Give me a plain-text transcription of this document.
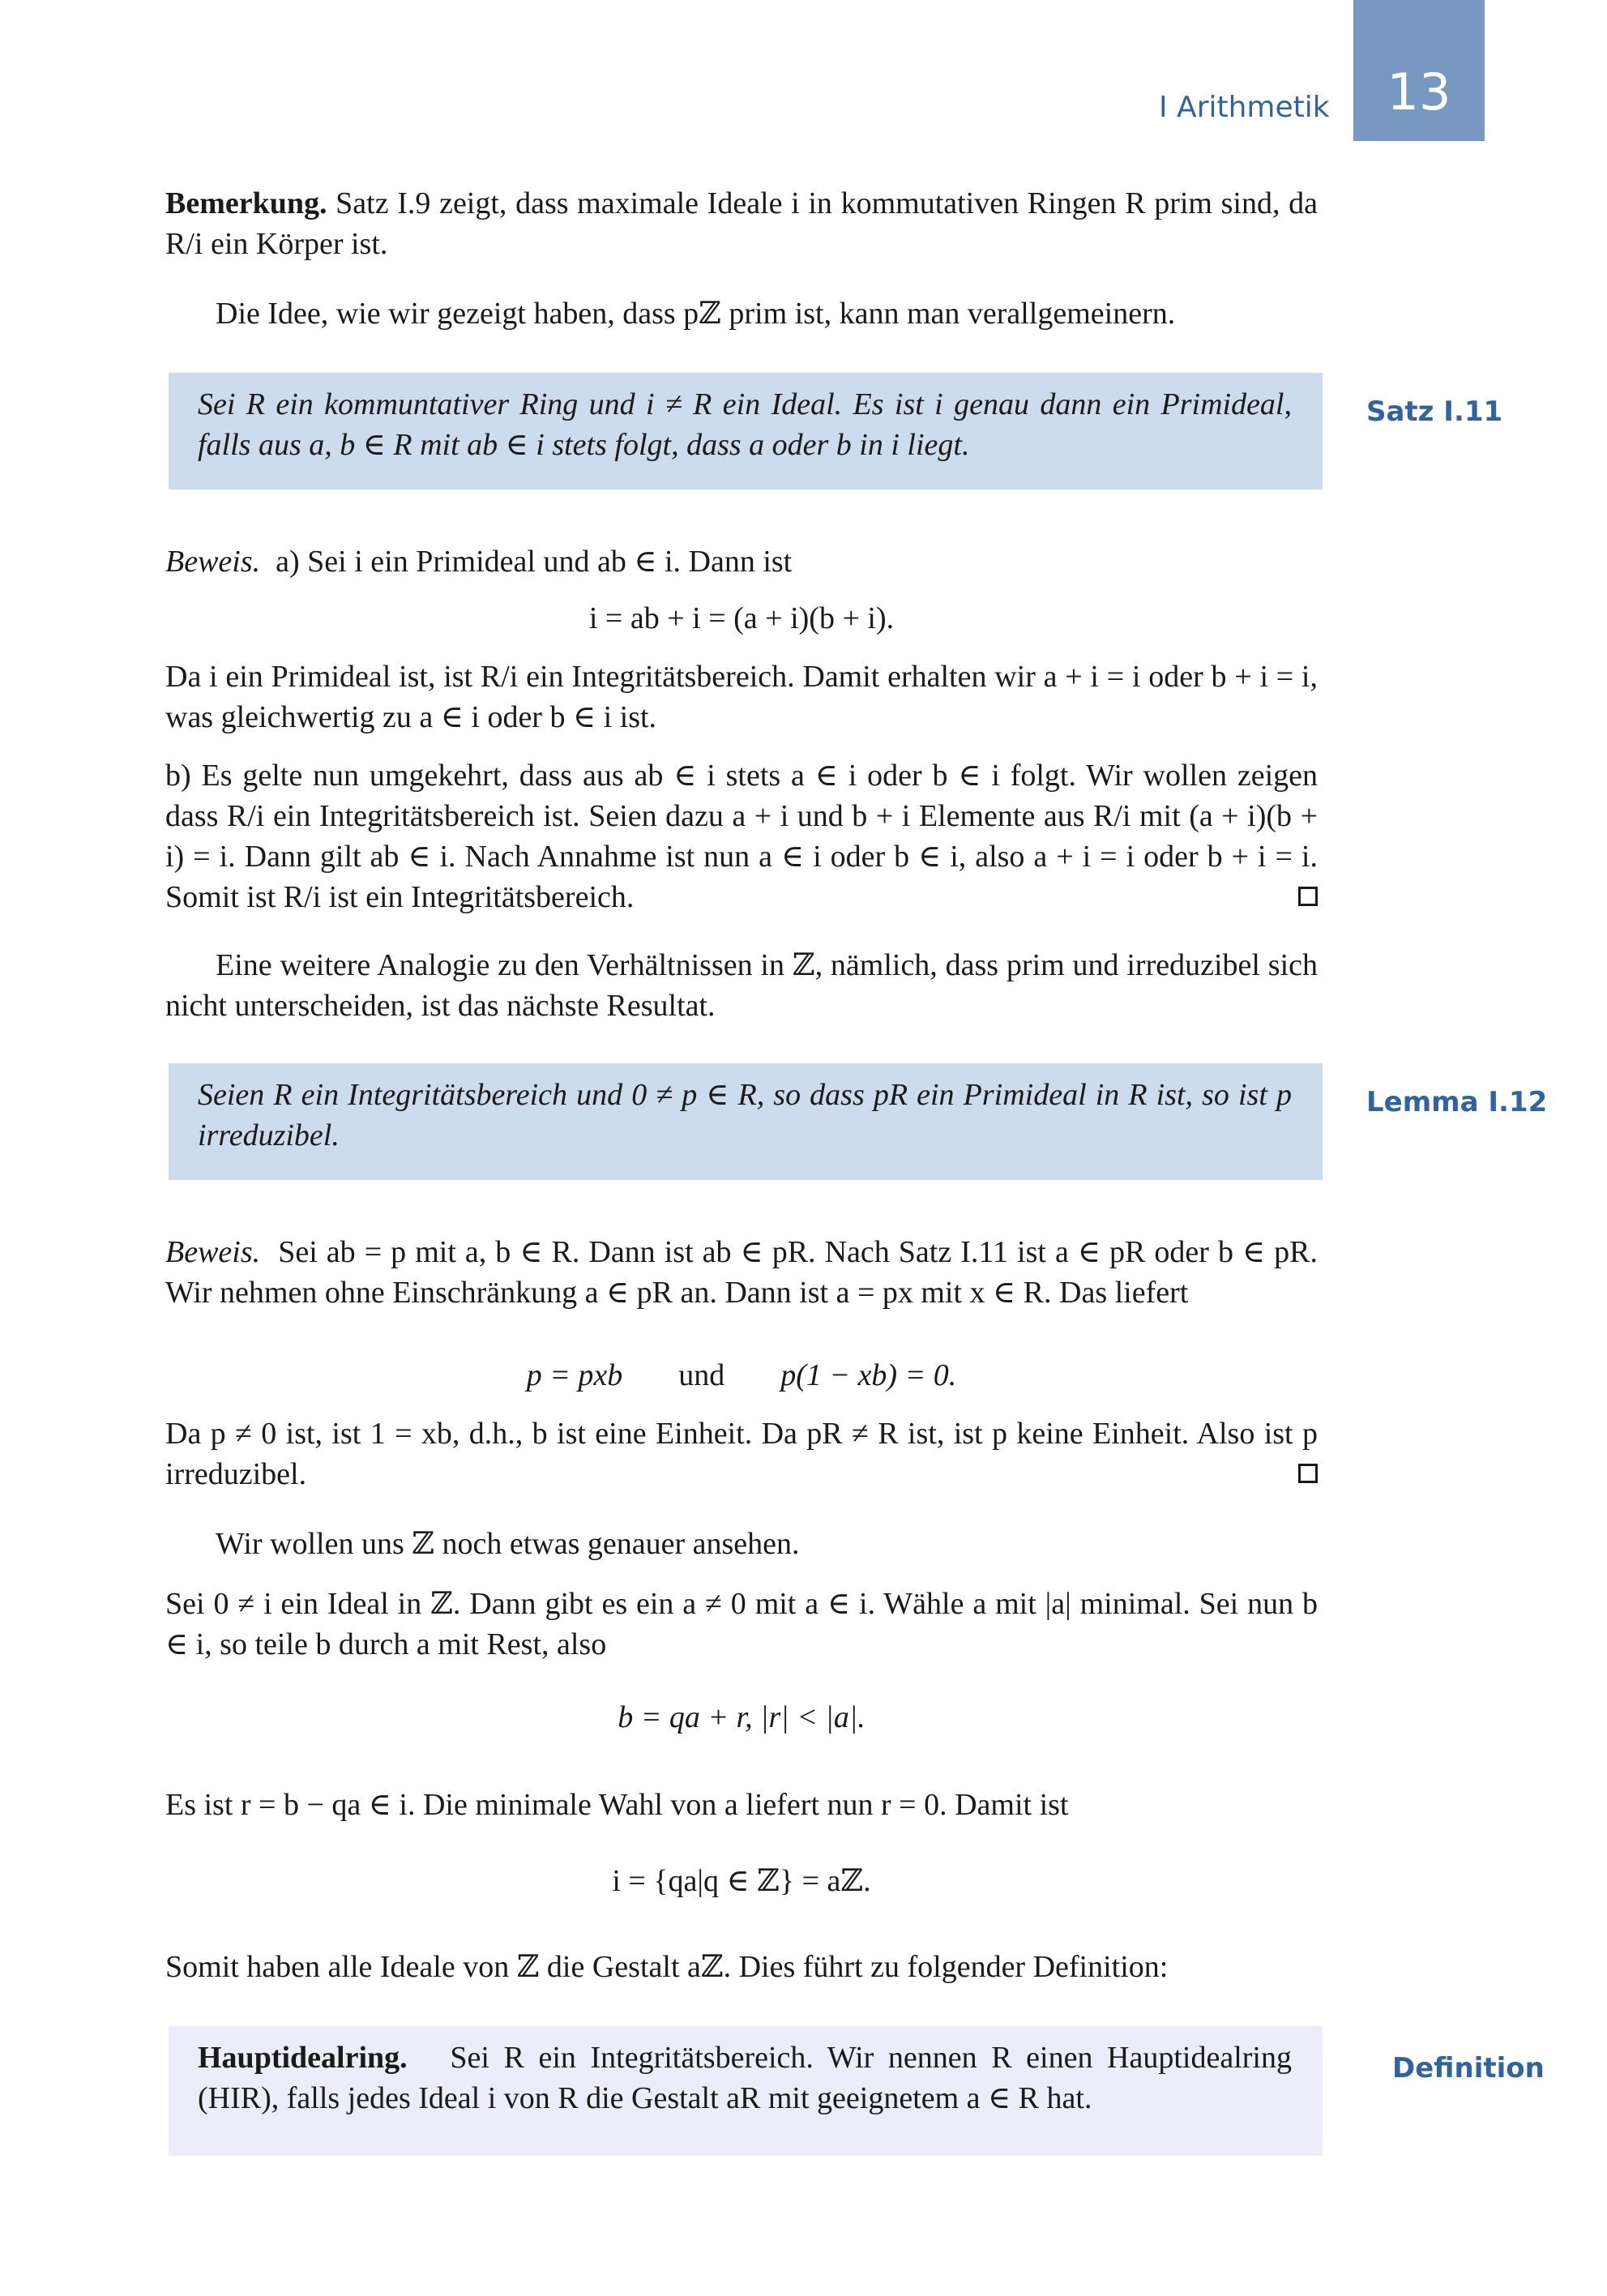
I Arithmetik	13
Bemerkung. Satz I.9 zeigt, dass maximale Ideale i in kommutativen Ringen R prim sind, da R/i ein Körper ist.
Die Idee, wie wir gezeigt haben, dass pℤ prim ist, kann man verallgemeinern.

Sei R ein kommuntativer Ring und i ≠ R ein Ideal. Es ist i genau dann ein Primideal, falls aus a, b ∈ R mit ab ∈ i stets folgt, dass a oder b in i liegt.

Satz I.11
Beweis. a) Sei i ein Primideal und ab ∈ i. Dann ist
i = ab + i = (a + i)(b + i).
Da i ein Primideal ist, ist R/i ein Integritätsbereich. Damit erhalten wir a + i = i oder b + i = i, was gleichwertig zu a ∈ i oder b ∈ i ist.
b) Es gelte nun umgekehrt, dass aus ab ∈ i stets a ∈ i oder b ∈ i folgt. Wir wollen zeigen dass R/i ein Integritätsbereich ist. Seien dazu a + i und b + i Elemente aus R/i mit (a + i)(b + i) = i. Dann gilt ab ∈ i. Nach Annahme ist nun a ∈ i oder b ∈ i, also a + i = i oder b + i = i. Somit ist R/i ist ein Integritätsbereich.
Eine weitere Analogie zu den Verhältnissen in ℤ, nämlich, dass prim und irreduzibel sich nicht unterscheiden, ist das nächste Resultat.

Seien R ein Integritätsbereich und 0 ≠ p ∈ R, so dass pR ein Primideal in R ist, so ist p irreduzibel.

Lemma I.12
Beweis. Sei ab = p mit a, b ∈ R. Dann ist ab ∈ pR. Nach Satz I.11 ist a ∈ pR oder b ∈ pR. Wir nehmen ohne Einschränkung a ∈ pR an. Dann ist a = px mit x ∈ R. Das liefert
p = pxb und p(1 − xb) = 0.
Da p ≠ 0 ist, ist 1 = xb, d.h., b ist eine Einheit. Da pR ≠ R ist, ist p keine Einheit. Also ist p irreduzibel.
Wir wollen uns ℤ noch etwas genauer ansehen.
Sei 0 ≠ i ein Ideal in ℤ. Dann gibt es ein a ≠ 0 mit a ∈ i. Wähle a mit |a| minimal. Sei nun b ∈ i, so teile b durch a mit Rest, also
b = qa + r, |r| < |a|.
Es ist r = b − qa ∈ i. Die minimale Wahl von a liefert nun r = 0. Damit ist
i = {qa|q ∈ ℤ} = aℤ.
Somit haben alle Ideale von ℤ die Gestalt aℤ. Dies führt zu folgender Definition:

Hauptidealring. Sei R ein Integritätsbereich. Wir nennen R einen Hauptidealring (HIR), falls jedes Ideal i von R die Gestalt aR mit geeignetem a ∈ R hat.

Definition
